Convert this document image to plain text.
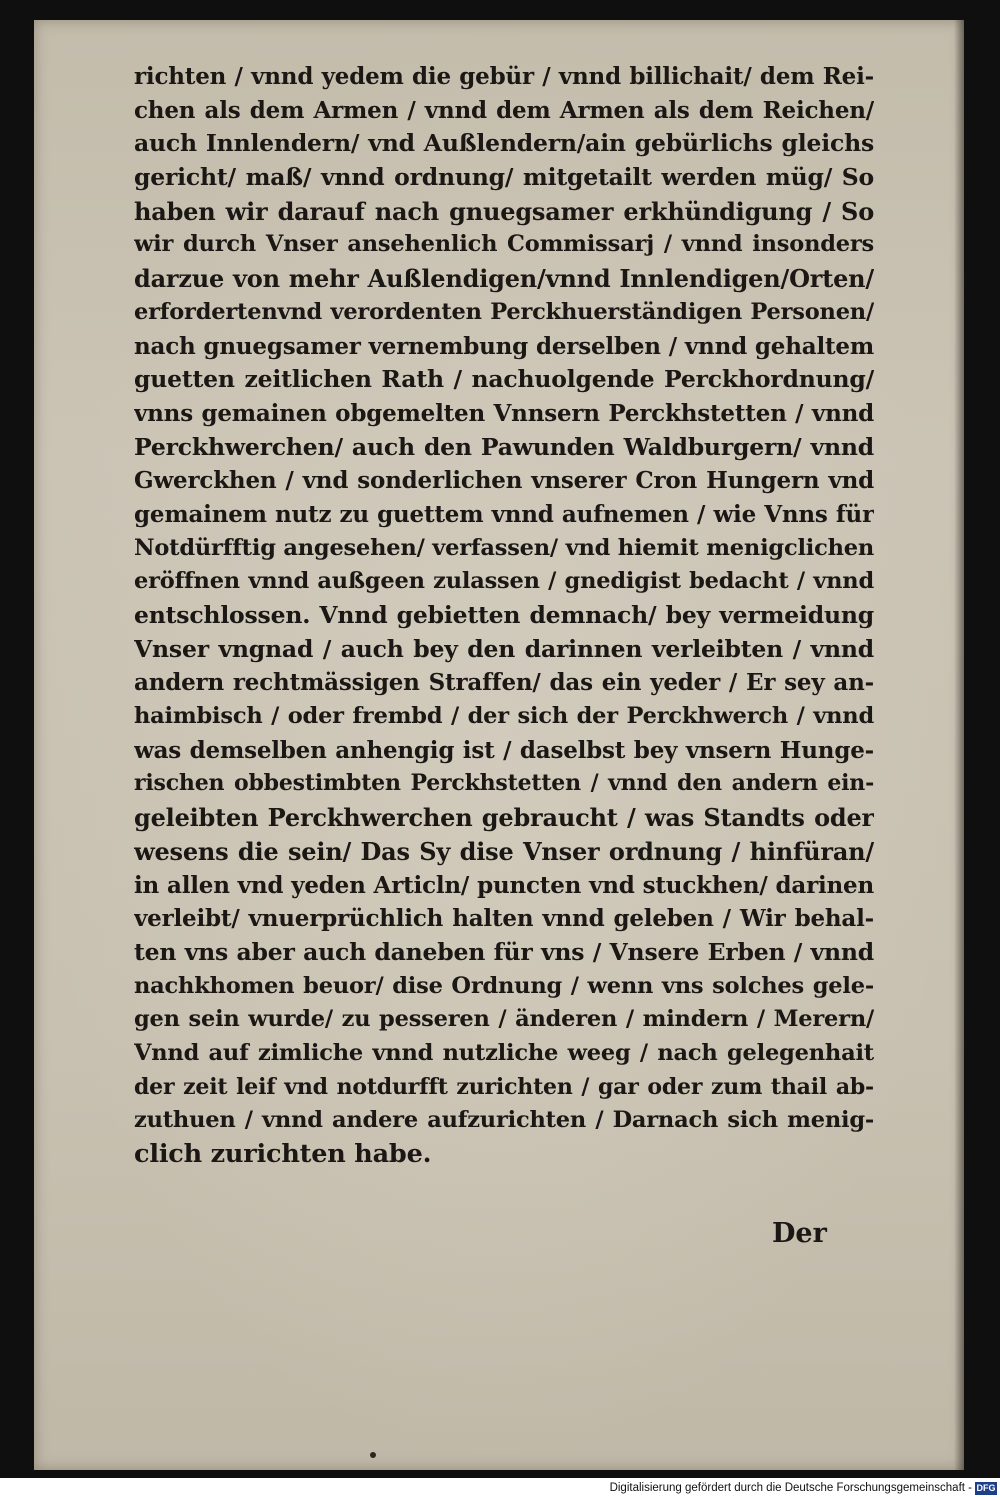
richten / vnnd yedem die gebür / vnnd billichait/ dem Rei-
chen als dem Armen / vnnd dem Armen als dem Reichen/
auch Innlendern/ vnd Außlendern/ain gebürlichs gleichs
gericht/ maß/ vnnd ordnung/ mitgetailt werden müg/ So
haben wir darauf nach gnuegsamer erkhündigung / So
wir durch Vnser ansehenlich Commissarj / vnnd insonders
darzue von mehr Außlendigen/vnnd Innlendigen/Orten/
erfordertenvnd verordenten Perckhuerständigen Personen/
nach gnuegsamer vernembung derselben / vnnd gehaltem
guetten zeitlichen Rath / nachuolgende Perckhordnung/
vnns gemainen obgemelten Vnnsern Perckhstetten / vnnd
Perckhwerchen/ auch den Pawunden Waldburgern/ vnnd
Gwerckhen / vnd sonderlichen vnserer Cron Hungern vnd
gemainem nutz zu guettem vnnd aufnemen / wie Vnns für
Notdürfftig angesehen/ verfassen/ vnd hiemit menigclichen
eröffnen vnnd außgeen zulassen / gnedigist bedacht / vnnd
entschlossen. Vnnd gebietten demnach/ bey vermeidung
Vnser vngnad / auch bey den darinnen verleibten / vnnd
andern rechtmässigen Straffen/ das ein yeder / Er sey an-
haimbisch / oder frembd / der sich der Perckhwerch / vnnd
was demselben anhengig ist / daselbst bey vnsern Hunge-
rischen obbestimbten Perckhstetten / vnnd den andern ein-
geleibten Perckhwerchen gebraucht / was Standts oder
wesens die sein/ Das Sy dise Vnser ordnung / hinfüran/
in allen vnd yeden Articln/ puncten vnd stuckhen/ darinen
verleibt/ vnuerprüchlich halten vnnd geleben / Wir behal-
ten vns aber auch daneben für vns / Vnsere Erben / vnnd
nachkhomen beuor/ dise Ordnung / wenn vns solches gele-
gen sein wurde/ zu pesseren / änderen / mindern / Merern/
Vnnd auf zimliche vnnd nutzliche weeg / nach gelegenhait
der zeit leif vnd notdurfft zurichten / gar oder zum thail ab-
zuthuen / vnnd andere aufzurichten / Darnach sich menig-
clich zurichten habe.
Der
Digitalisierung gefördert durch die Deutsche Forschungsgemeinschaft - DFG
